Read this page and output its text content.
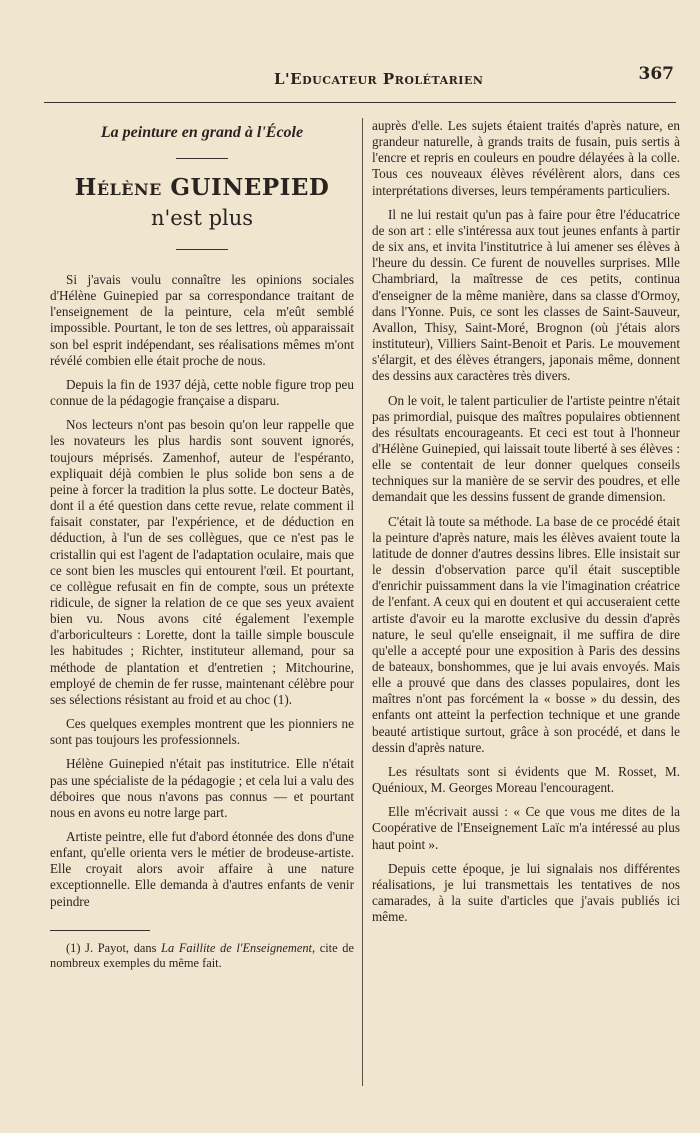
L'Educateur Prolétarien	367
La peinture en grand à l'École
Hélène GUINEPIED
n'est plus

Si j'avais voulu connaître les opinions sociales d'Hélène Guinepied par sa correspondance traitant de l'enseignement de la peinture, cela m'eût semblé impossible. Pourtant, le ton de ses lettres, où apparaissait son bel esprit indépendant, ses réalisations mêmes m'ont révélé combien elle était proche de nous.

Depuis la fin de 1937 déjà, cette noble figure trop peu connue de la pédagogie française a disparu.

Nos lecteurs n'ont pas besoin qu'on leur rappelle que les novateurs les plus hardis sont souvent ignorés, toujours méprisés. Zamenhof, auteur de l'espéranto, expliquait déjà combien le plus solide bon sens a de peine à forcer la tradition la plus sotte. Le docteur Batès, dont il a été question dans cette revue, relate comment il faisait constater, par l'expérience, et de déduction en déduction, à l'un de ses collègues, que ce n'est pas le cristallin qui est l'agent de l'adaptation oculaire, mais que ce sont bien les muscles qui entourent l'œil. Et pourtant, ce collègue refusait en fin de compte, sous un prétexte ridicule, de signer la relation de ce que ses yeux avaient bien vu. Nous avons cité également l'exemple d'arboriculteurs : Lorette, dont la taille simple bouscule les habitudes ; Richter, instituteur allemand, pour sa méthode de plantation et d'entretien ; Mitchourine, employé de chemin de fer russe, maintenant célèbre pour ses sélections résistant au froid et au choc (1).

Ces quelques exemples montrent que les pionniers ne sont pas toujours les professionnels.

Hélène Guinepied n'était pas institutrice. Elle n'était pas une spécialiste de la pédagogie ; et cela lui a valu des déboires que nous n'avons pas connus — et pourtant nous en avons eu notre large part.

Artiste peintre, elle fut d'abord étonnée des dons d'une enfant, qu'elle orienta vers le métier de brodeuse-artiste. Elle croyait alors avoir affaire à une nature exceptionnelle. Elle demanda à d'autres enfants de venir peindre

(1) J. Payot, dans La Faillite de l'Enseignement, cite de nombreux exemples du même fait.

auprès d'elle. Les sujets étaient traités d'après nature, en grandeur naturelle, à grands traits de fusain, puis sertis à l'encre et repris en couleurs en poudre délayées à la colle. Tous ces nouveaux élèves révélèrent alors, dans ces interprétations diverses, leurs tempéraments particuliers.

Il ne lui restait qu'un pas à faire pour être l'éducatrice de son art : elle s'intéressa aux tout jeunes enfants à partir de six ans, et invita l'institutrice à lui amener ses élèves à l'heure du dessin. Ce furent de nouvelles surprises. Mlle Chambriard, la maîtresse de ces petits, continua d'enseigner de la même manière, dans sa classe d'Ormoy, dans l'Yonne. Puis, ce sont les classes de Saint-Sauveur, Avallon, Thisy, Saint-Moré, Brognon (où j'étais alors instituteur), Villiers Saint-Benoit et Paris. Le mouvement s'élargit, et des élèves étrangers, japonais même, donnent des dessins aux caractères très divers.

On le voit, le talent particulier de l'artiste peintre n'était pas primordial, puisque des maîtres populaires obtiennent des résultats encourageants. Et ceci est tout à l'honneur d'Hélène Guinepied, qui laissait toute liberté à ses élèves : elle se contentait de leur donner quelques conseils techniques sur la manière de se servir des poudres, et elle demandait que les dessins fussent de grande dimension.

C'était là toute sa méthode. La base de ce procédé était la peinture d'après nature, mais les élèves avaient toute la latitude de donner d'autres dessins libres. Elle insistait sur le dessin d'observation parce qu'il était susceptible d'enrichir puissamment dans la vie l'imagination créatrice de l'enfant. A ceux qui en doutent et qui accuseraient cette artiste d'avoir eu la marotte exclusive du dessin d'après nature, le seul qu'elle enseignait, il me suffira de dire qu'elle a accepté pour une exposition à Paris des dessins de bateaux, bonshommes, que je lui avais envoyés. Mais elle a prouvé que dans des classes populaires, dont les maîtres n'ont pas forcément la « bosse » du dessin, des enfants ont atteint la perfection technique et une grande beauté artistique surtout, grâce à son procédé, et dans le dessin d'après nature.

Les résultats sont si évidents que M. Rosset, M. Quénioux, M. Georges Moreau l'encouragent.

Elle m'écrivait aussi : « Ce que vous me dites de la Coopérative de l'Enseignement Laïc m'a intéressé au plus haut point ».

Depuis cette époque, je lui signalais nos différentes réalisations, je lui transmettais les tentatives de nos camarades, à la suite d'articles que j'avais publiés ici même.
